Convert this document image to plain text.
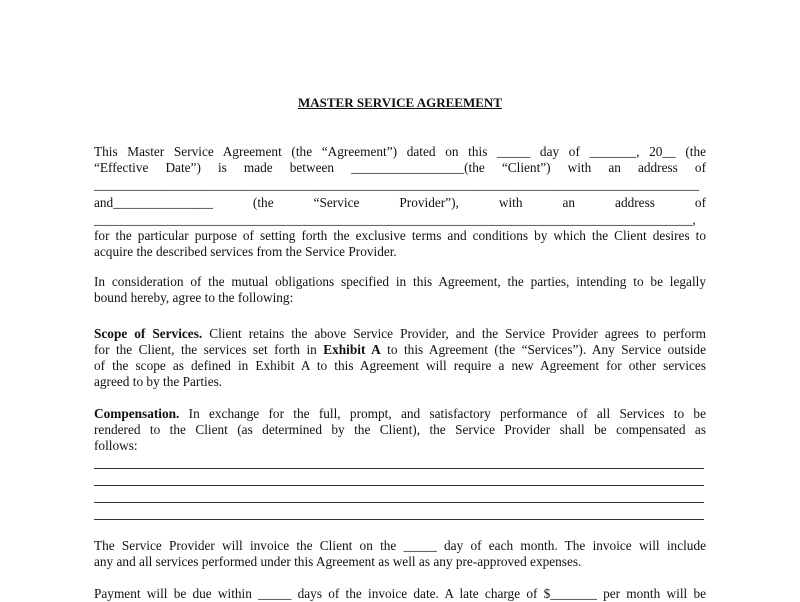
MASTER SERVICE AGREEMENT
This Master Service Agreement (the “Agreement”) dated on this _____ day of _______, 20__ (the
“Effective Date”) is made between _________________(the “Client”) with an address of
___________________________________________________________________________________________
and_______________ (the “Service Provider”), with an address of
__________________________________________________________________________________________,
for the particular purpose of setting forth the exclusive terms and conditions by which the Client desires to
acquire the described services from the Service Provider.
In consideration of the mutual obligations specified in this Agreement, the parties, intending to be legally
bound hereby, agree to the following:
Scope of Services. Client retains the above Service Provider, and the Service Provider agrees to perform
for the Client, the services set forth in Exhibit A to this Agreement (the “Services”). Any Service outside
of the scope as defined in Exhibit A to this Agreement will require a new Agreement for other services
agreed to by the Parties.
Compensation. In exchange for the full, prompt, and satisfactory performance of all Services to be
rendered to the Client (as determined by the Client), the Service Provider shall be compensated as
follows:
The Service Provider will invoice the Client on the _____ day of each month. The invoice will include
any and all services performed under this Agreement as well as any pre-approved expenses.
Payment will be due within _____ days of the invoice date. A late charge of $_______ per month will be
